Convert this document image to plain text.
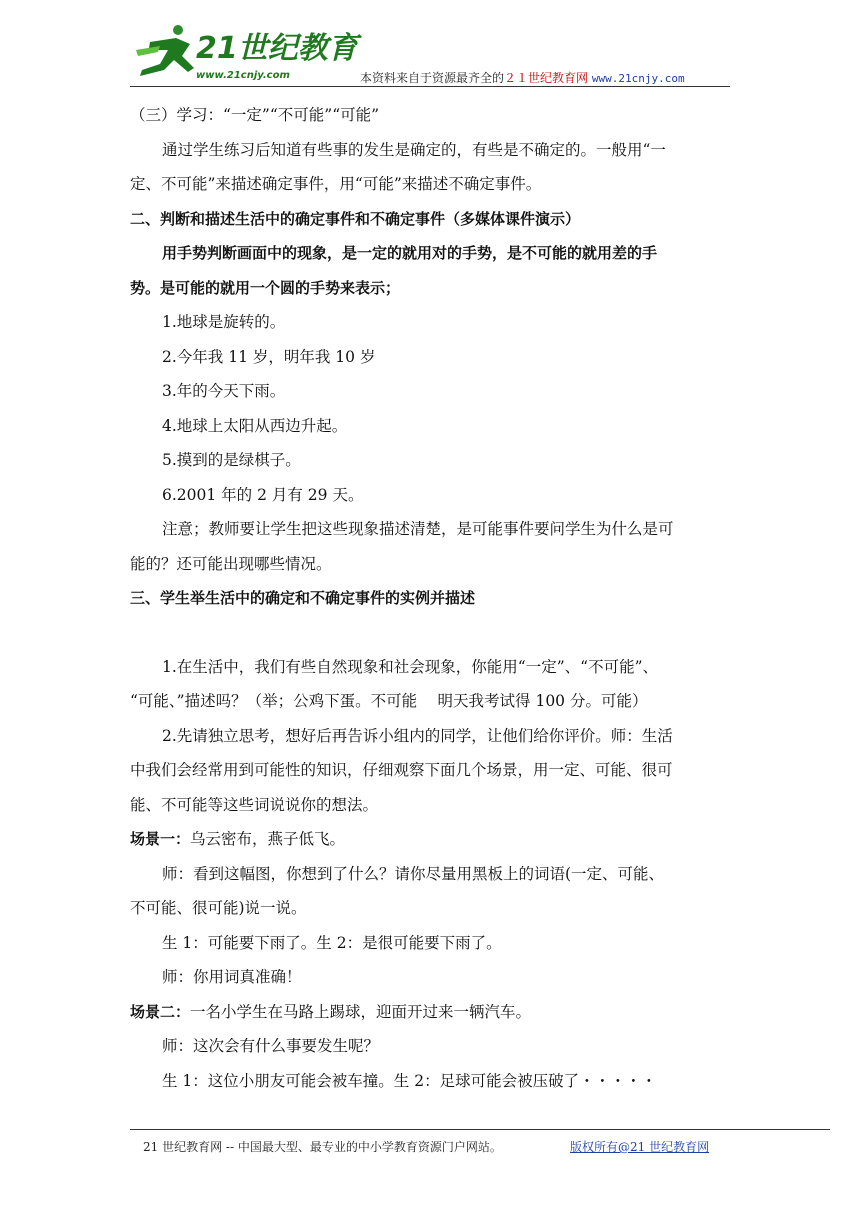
21世纪教育
www.21cnjy.com	本资料来自于资源最齐全的２１世纪教育网 www.21cnjy.com

（三）学习：“一定”“不可能”“可能”

通过学生练习后知道有些事的发生是确定的，有些是不确定的。一般用“一

定、不可能”来描述确定事件，用“可能”来描述不确定事件。

二、判断和描述生活中的确定事件和不确定事件（多媒体课件演示）

用手势判断画面中的现象，是一定的就用对的手势，是不可能的就用差的手

势。是可能的就用一个圆的手势来表示；

1.地球是旋转的。

2.今年我 11 岁，明年我 10 岁

3.年的今天下雨。

4.地球上太阳从西边升起。

5.摸到的是绿棋子。

6.2001 年的 2 月有 29 天。

注意；教师要让学生把这些现象描述清楚，是可能事件要问学生为什么是可

能的？还可能出现哪些情况。

三、学生举生活中的确定和不确定事件的实例并描述

1.在生活中，我们有些自然现象和社会现象，你能用“一定”、“不可能”、

“可能、”描述吗？（举；公鸡下蛋。不可能　 明天我考试得 100 分。可能）

2.先请独立思考，想好后再告诉小组内的同学，让他们给你评价。师：生活

中我们会经常用到可能性的知识，仔细观察下面几个场景，用一定、可能、很可

能、不可能等这些词说说你的想法。

场景一：乌云密布，燕子低飞。

师：看到这幅图，你想到了什么？请你尽量用黑板上的词语(一定、可能、

不可能、很可能)说一说。

生 1：可能要下雨了。生 2：是很可能要下雨了。

师：你用词真准确！

场景二：一名小学生在马路上踢球，迎面开过来一辆汽车。

师：这次会有什么事要发生呢？

生 1：这位小朋友可能会被车撞。生 2：足球可能会被压破了・・・・・

21 世纪教育网 -- 中国最大型、最专业的中小学教育资源门户网站。	版权所有@21 世纪教育网
